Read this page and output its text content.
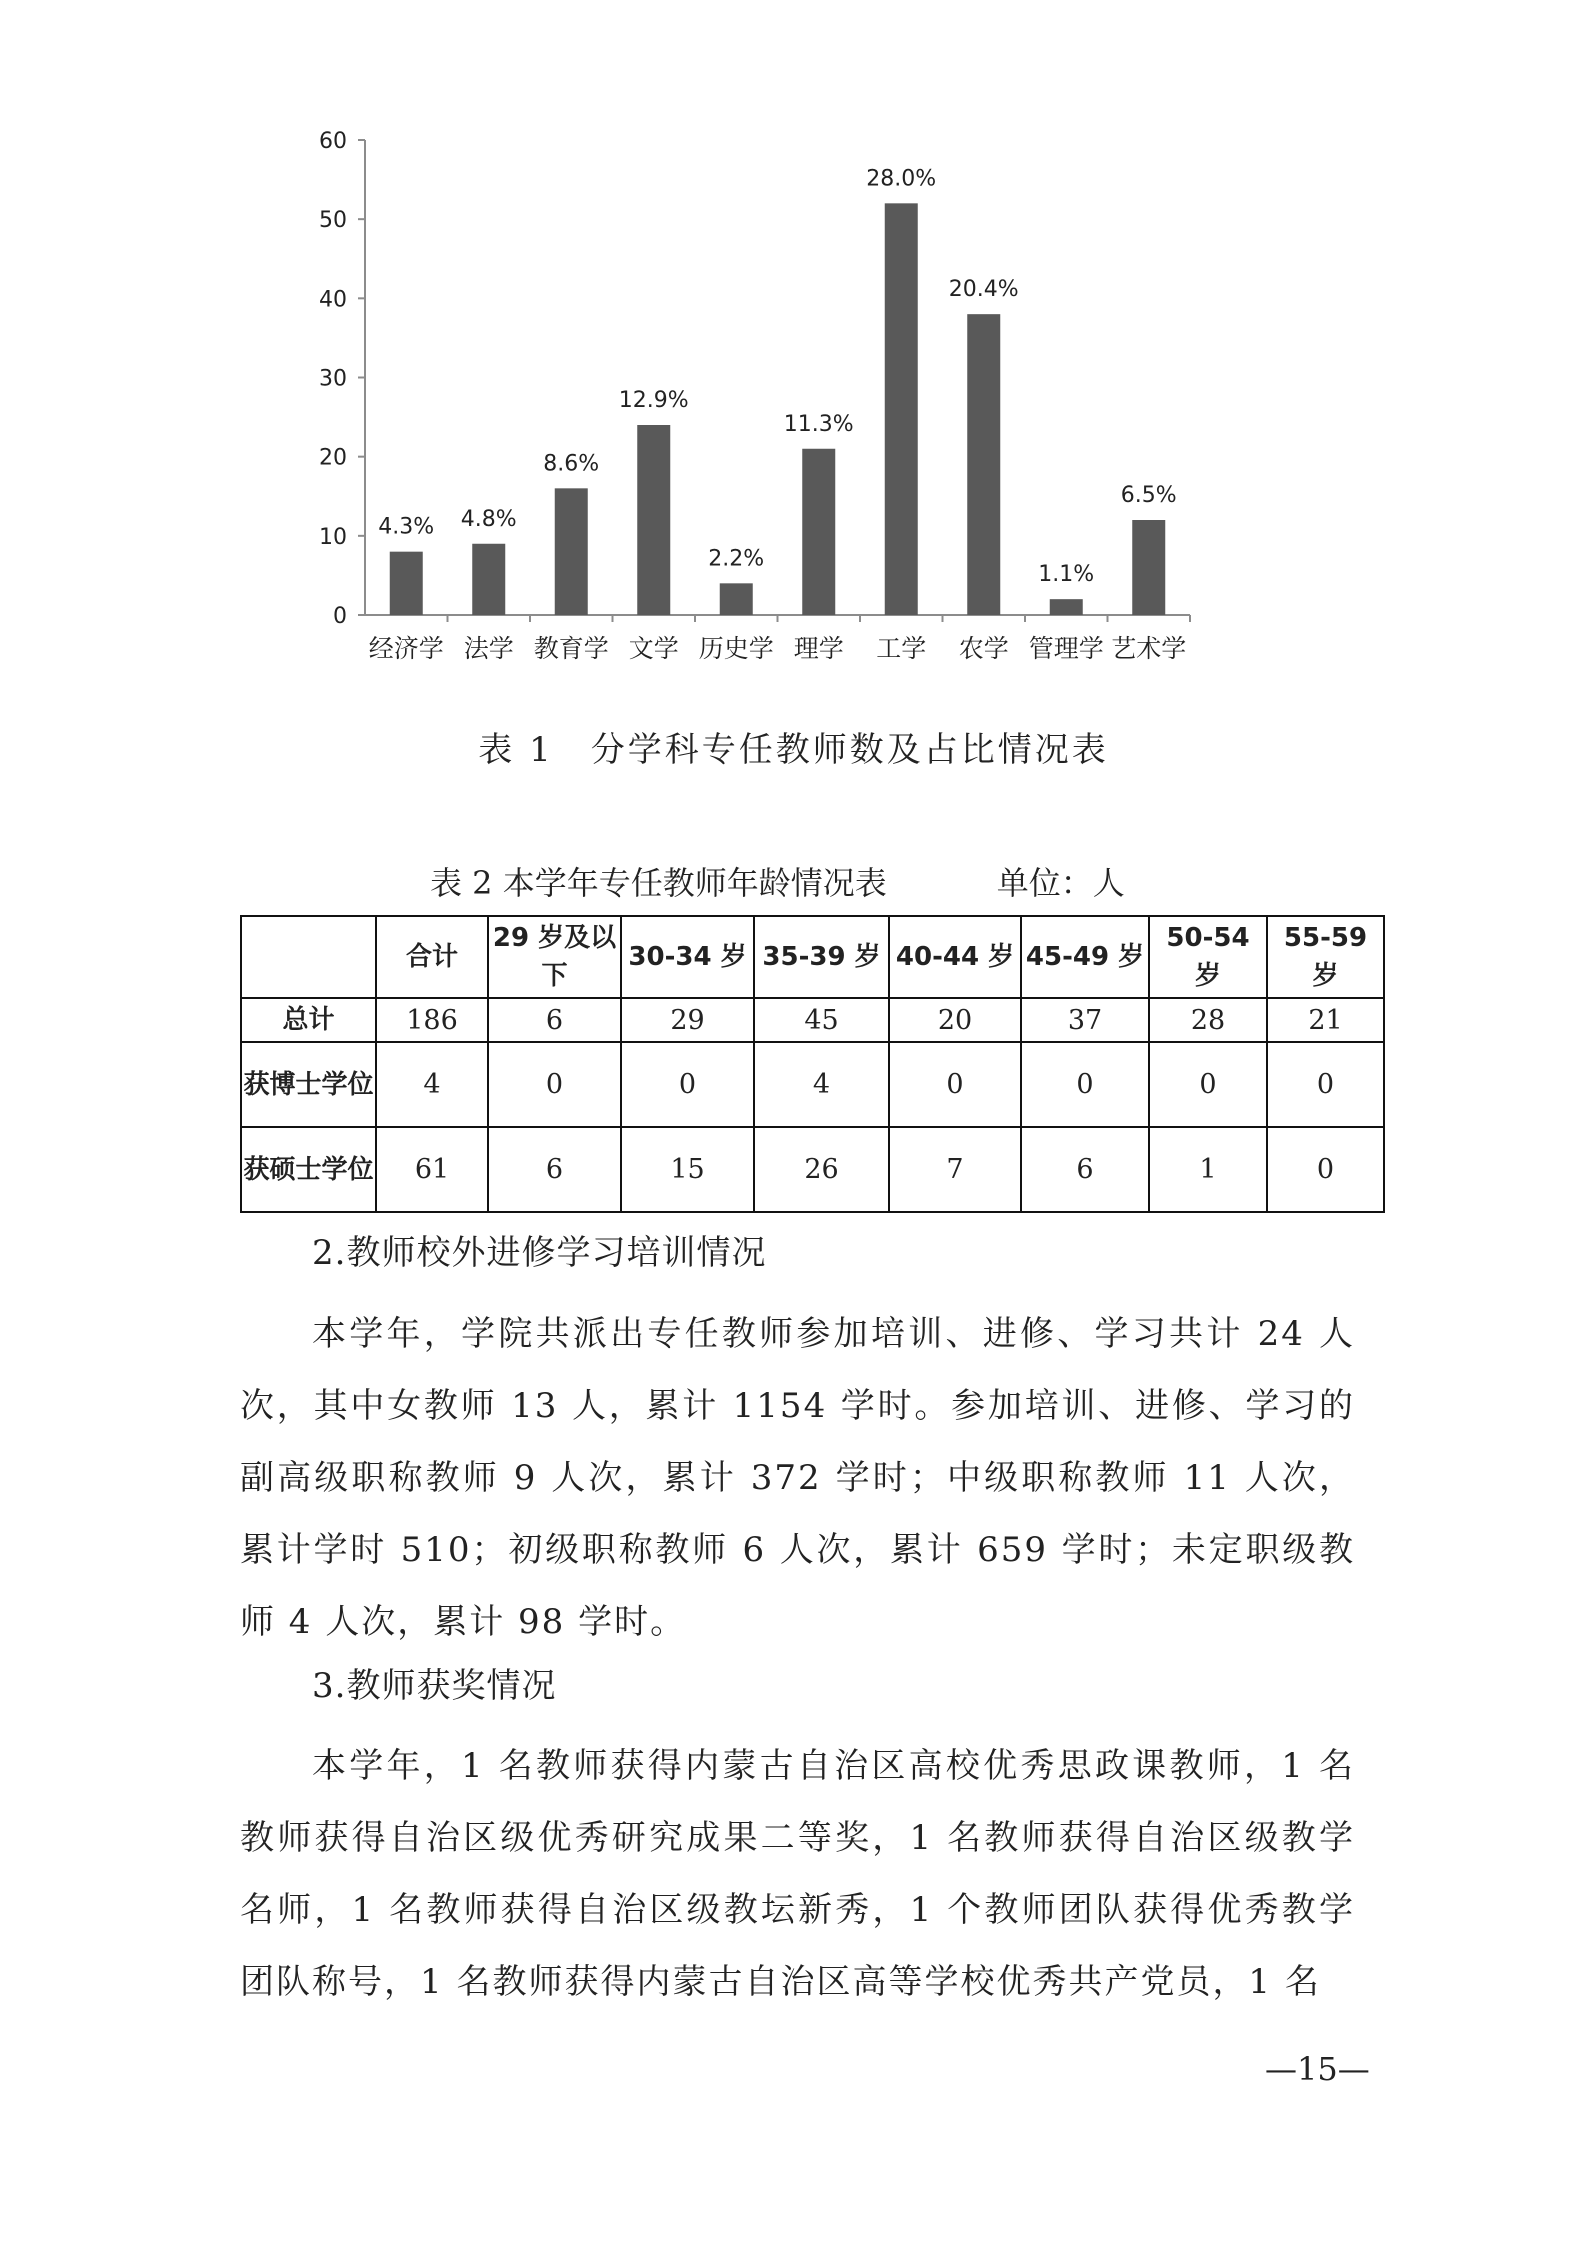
0
10
20
30
40
50
60
4.3%
经济学
4.8%
法学
8.6%
教育学
12.9%
文学
2.2%
历史学
11.3%
理学
28.0%
工学
20.4%
农学
1.1%
管理学
6.5%
艺术学
表 1　分学科专任教师数及占比情况表
表 2 本学年专任教师年龄情况表	单位：人
	合计	29 岁及以下	30-34 岁	35-39 岁	40-44 岁	45-49 岁	50-54 岁	55-59 岁
总计	186	6	29	45	20	37	28	21
获博士学位	4	0	0	4	0	0	0	0
获硕士学位	61	6	15	26	7	6	1	0

2.教师校外进修学习培训情况

本学年，学院共派出专任教师参加培训、进修、学习共计 24 人次，其中女教师 13 人，累计 1154 学时。参加培训、进修、学习的副高级职称教师 9 人次，累计 372 学时；中级职称教师 11 人次，累计学时 510；初级职称教师 6 人次，累计 659 学时；未定职级教师 4 人次，累计 98 学时。

3.教师获奖情况

本学年，1 名教师获得内蒙古自治区高校优秀思政课教师，1 名教师获得自治区级优秀研究成果二等奖，1 名教师获得自治区级教学名师，1 名教师获得自治区级教坛新秀，1 个教师团队获得优秀教学团队称号，1 名教师获得内蒙古自治区高等学校优秀共产党员，1 名

—15—
